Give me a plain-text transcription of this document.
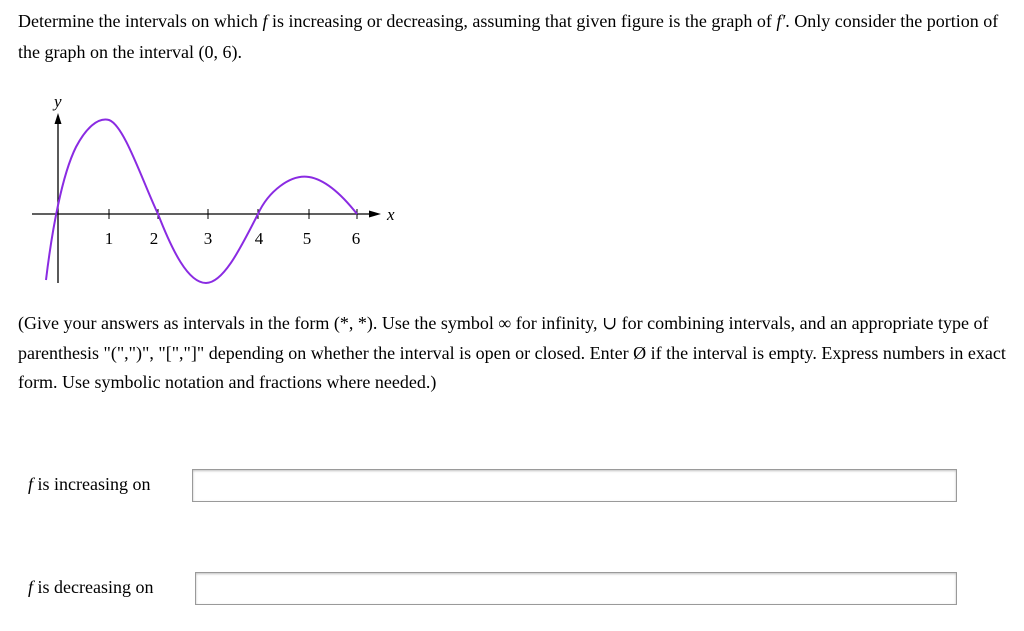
Determine the intervals on which f is increasing or decreasing, assuming that given figure is the graph of f′. Only consider the portion of the graph on the interval (0, 6).
y
x
1 2	3	4 5 6
(Give your answers as intervals in the form (*, *). Use the symbol ∞ for infinity, ∪ for combining intervals, and an appropriate type of parenthesis "(",")", "[","]" depending on whether the interval is open or closed. Enter Ø if the interval is empty. Express numbers in exact form. Use symbolic notation and fractions where needed.)
f is increasing on
f is decreasing on
